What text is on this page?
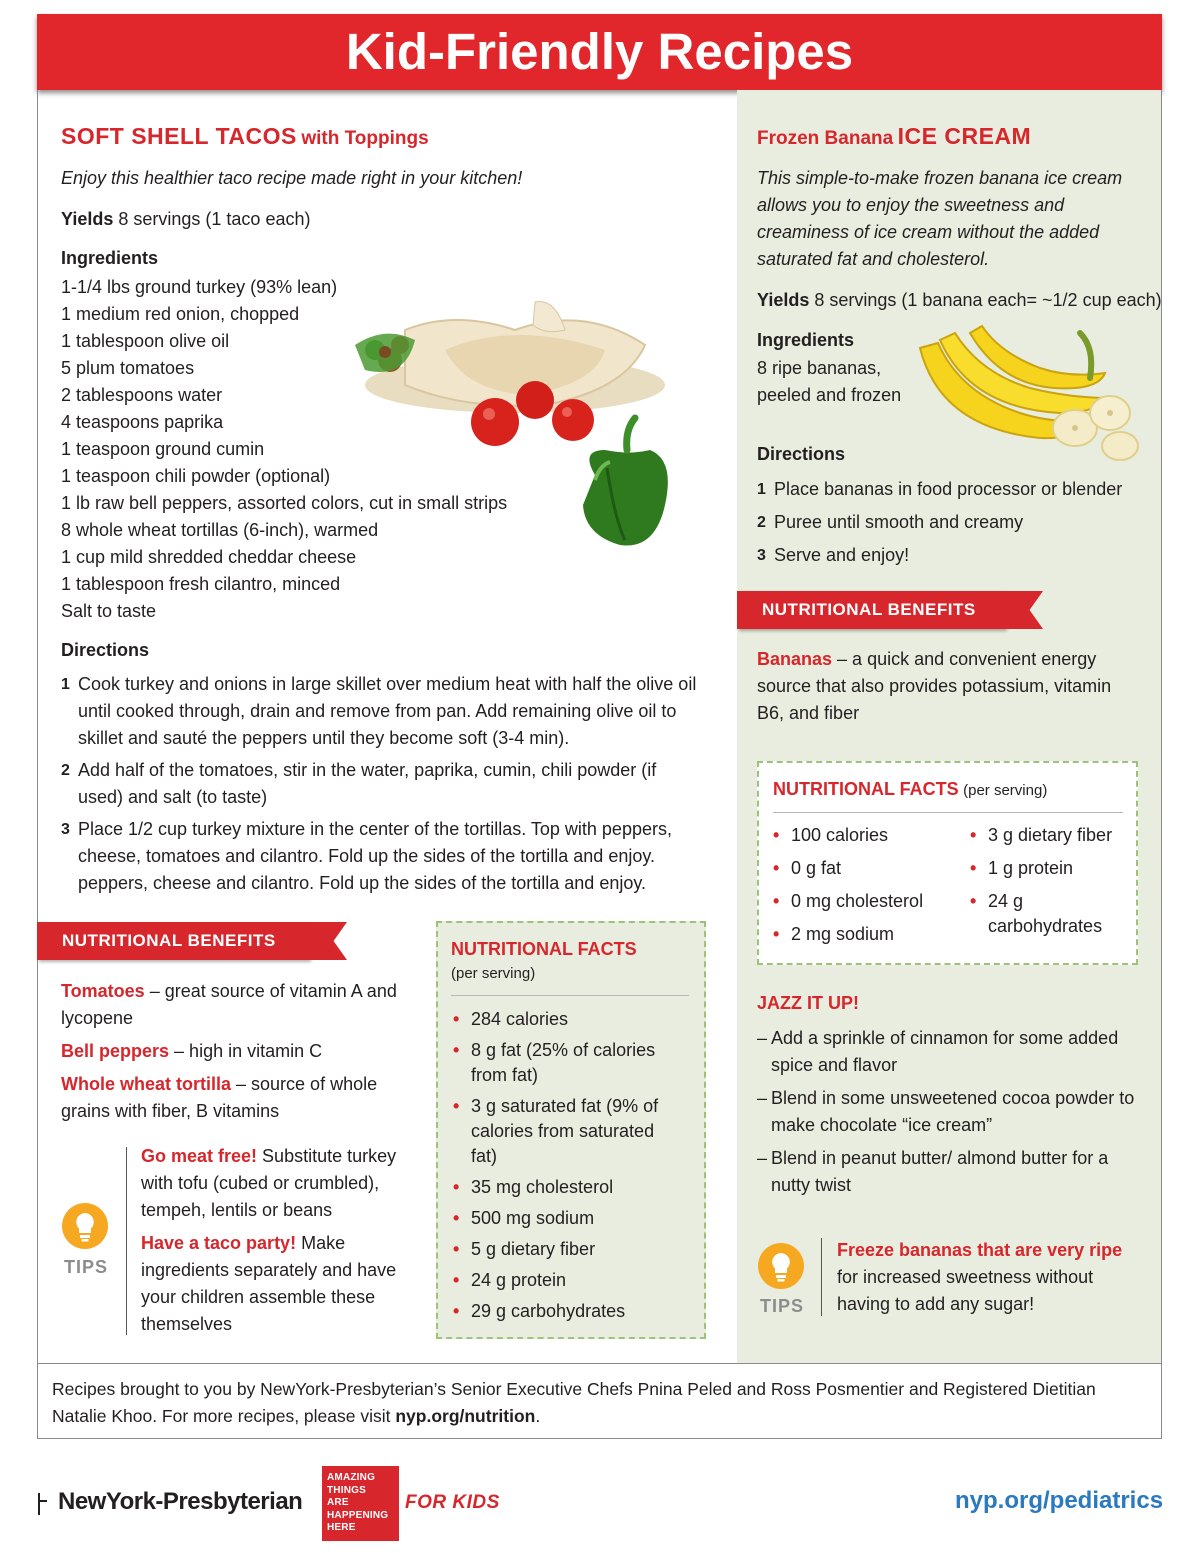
Kid-Friendly Recipes
SOFT SHELL TACOS with Toppings
Enjoy this healthier taco recipe made right in your kitchen!
Yields 8 servings (1 taco each)
Ingredients
1-1/4 lbs ground turkey (93% lean)
1 medium red onion, chopped
1 tablespoon olive oil
5 plum tomatoes
2 tablespoons water
4 teaspoons paprika
1 teaspoon ground cumin
1 teaspoon chili powder (optional)
1 lb raw bell peppers, assorted colors, cut in small strips
8 whole wheat tortillas (6-inch), warmed
1 cup mild shredded cheddar cheese
1 tablespoon fresh cilantro, minced
Salt to taste
Directions
1 Cook turkey and onions in large skillet over medium heat with half the olive oil until cooked through, drain and remove from pan. Add remaining olive oil to skillet and sauté the peppers until they become soft (3-4 min).
2 Add half of the tomatoes, stir in the water, paprika, cumin, chili powder (if used) and salt (to taste)
3 Place 1/2 cup turkey mixture in the center of the tortillas. Top with peppers, cheese, tomatoes and cilantro. Fold up the sides of the tortilla and enjoy. peppers, cheese and cilantro. Fold up the sides of the tortilla and enjoy.
NUTRITIONAL BENEFITS
Tomatoes – great source of vitamin A and lycopene
Bell peppers – high in vitamin C
Whole wheat tortilla – source of whole grains with fiber, B vitamins
TIPS
Go meat free! Substitute turkey with tofu (cubed or crumbled), tempeh, lentils or beans
Have a taco party! Make ingredients separately and have your children assemble these themselves
NUTRITIONAL FACTS
(per serving)
• 284 calories
• 8 g fat (25% of calories from fat)
• 3 g saturated fat (9% of calories from saturated fat)
• 35 mg cholesterol
• 500 mg sodium
• 5 g dietary fiber
• 24 g protein
• 29 g carbohydrates
Frozen Banana ICE CREAM
This simple-to-make frozen banana ice cream allows you to enjoy the sweetness and creaminess of ice cream without the added saturated fat and cholesterol.
Yields 8 servings (1 banana each= ~1/2 cup each)
Ingredients
8 ripe bananas,
peeled and frozen
Directions
1 Place bananas in food processor or blender
2 Puree until smooth and creamy
3 Serve and enjoy!
NUTRITIONAL BENEFITS
Bananas – a quick and convenient energy source that also provides potassium, vitamin B6, and fiber
NUTRITIONAL FACTS (per serving)
• 100 calories
• 0 g fat
• 0 mg cholesterol
• 2 mg sodium
• 3 g dietary fiber
• 1 g protein
• 24 g carbohydrates
JAZZ IT UP!
– Add a sprinkle of cinnamon for some added spice and flavor
– Blend in some unsweetened cocoa powder to make chocolate “ice cream”
– Blend in peanut butter/ almond butter for a nutty twist
TIPS
Freeze bananas that are very ripe for increased sweetness without having to add any sugar!
Recipes brought to you by NewYork-Presbyterian’s Senior Executive Chefs Pnina Peled and Ross Posmentier and Registered Dietitian Natalie Khoo. For more recipes, please visit nyp.org/nutrition.
NewYork-Presbyterian
AMAZING
THINGS
ARE
HAPPENING
HERE
FOR KIDS	nyp.org/pediatrics
